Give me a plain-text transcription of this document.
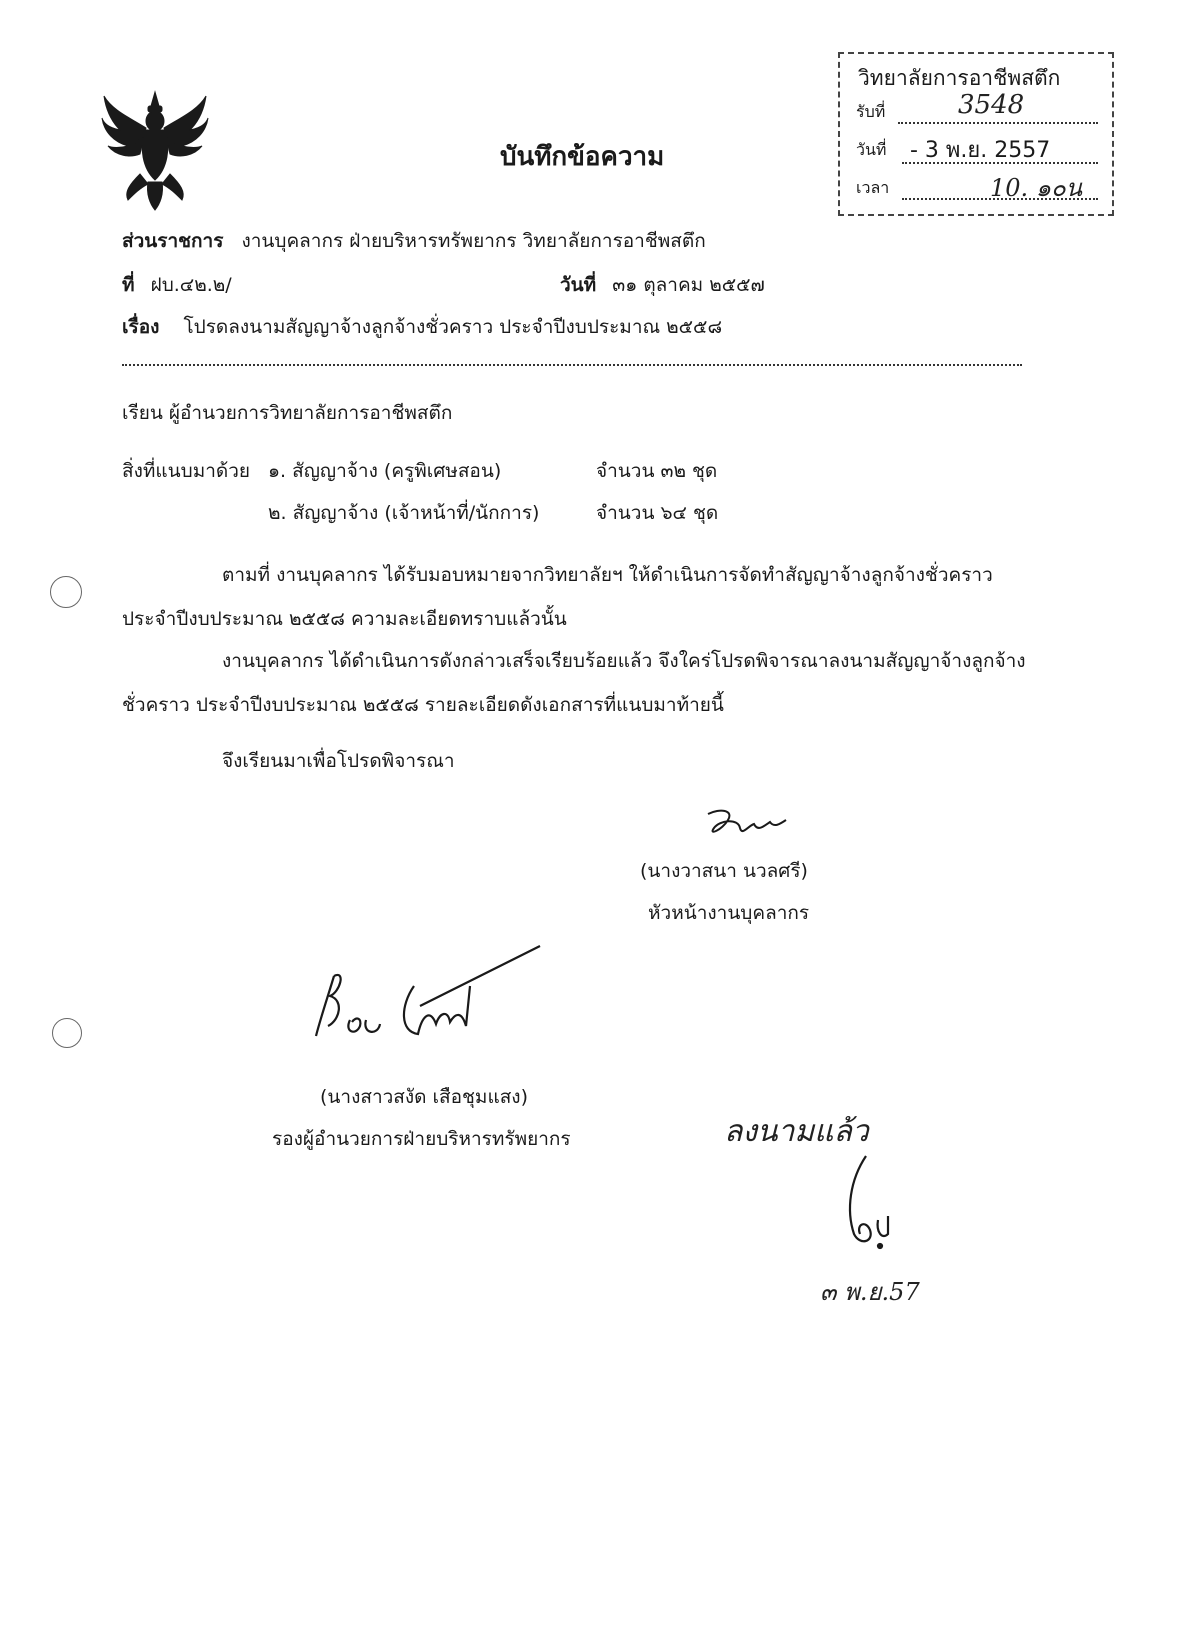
วิทยาลัยการอาชีพสตึก
รับที่	3548
วันที่ - 3 พ.ย. 2557
เวลา	10. ๑๐น
บันทึกข้อความ
ส่วนราชการ งานบุคลากร ฝ่ายบริหารทรัพยากร วิทยาลัยการอาชีพสตึก
ที่ ฝบ.๔๒.๒/	วันที่ ๓๑ ตุลาคม ๒๕๕๗
เรื่อง โปรดลงนามสัญญาจ้างลูกจ้างชั่วคราว ประจำปีงบประมาณ ๒๕๕๘
เรียน ผู้อำนวยการวิทยาลัยการอาชีพสตึก
สิ่งที่แนบมาด้วย ๑. สัญญาจ้าง (ครูพิเศษสอน)	จำนวน ๓๒ ชุด
๒. สัญญาจ้าง (เจ้าหน้าที่/นักการ)	จำนวน ๖๔ ชุด
ตามที่ งานบุคลากร ได้รับมอบหมายจากวิทยาลัยฯ ให้ดำเนินการจัดทำสัญญาจ้างลูกจ้างชั่วคราว
ประจำปีงบประมาณ ๒๕๕๘ ความละเอียดทราบแล้วนั้น
งานบุคลากร ได้ดำเนินการดังกล่าวเสร็จเรียบร้อยแล้ว จึงใคร่โปรดพิจารณาลงนามสัญญาจ้างลูกจ้าง
ชั่วคราว ประจำปีงบประมาณ ๒๕๕๘ รายละเอียดดังเอกสารที่แนบมาท้ายนี้
จึงเรียนมาเพื่อโปรดพิจารณา
(นางวาสนา นวลศรี)
หัวหน้างานบุคลากร
(นางสาวสงัด เสือชุมแสง)
รองผู้อำนวยการฝ่ายบริหารทรัพยากร	ลงนามแล้ว
๓ พ.ย.57
